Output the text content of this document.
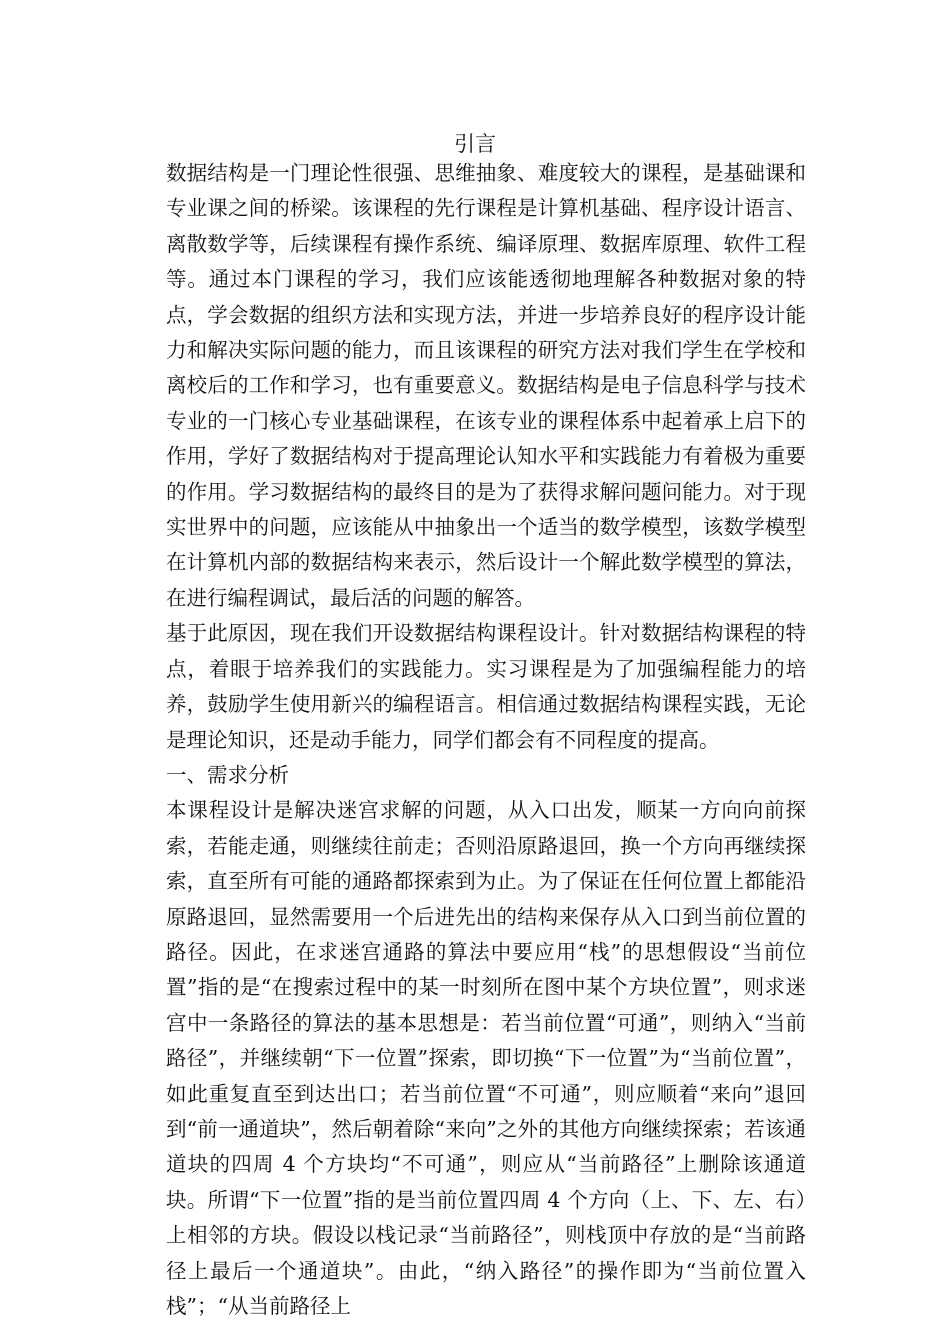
引言

数据结构是一门理论性很强、思维抽象、难度较大的课程，是基础课和专业课之间的桥梁。该课程的先行课程是计算机基础、程序设计语言、离散数学等，后续课程有操作系统、编译原理、数据库原理、软件工程等。通过本门课程的学习，我们应该能透彻地理解各种数据对象的特点，学会数据的组织方法和实现方法，并进一步培养良好的程序设计能力和解决实际问题的能力，而且该课程的研究方法对我们学生在学校和离校后的工作和学习，也有重要意义。数据结构是电子信息科学与技术专业的一门核心专业基础课程，在该专业的课程体系中起着承上启下的作用，学好了数据结构对于提高理论认知水平和实践能力有着极为重要的作用。学习数据结构的最终目的是为了获得求解问题问能力。对于现实世界中的问题，应该能从中抽象出一个适当的数学模型，该数学模型在计算机内部的数据结构来表示，然后设计一个解此数学模型的算法，在进行编程调试，最后活的问题的解答。

基于此原因，现在我们开设数据结构课程设计。针对数据结构课程的特点，着眼于培养我们的实践能力。实习课程是为了加强编程能力的培养，鼓励学生使用新兴的编程语言。相信通过数据结构课程实践，无论是理论知识，还是动手能力，同学们都会有不同程度的提高。

一、需求分析

本课程设计是解决迷宫求解的问题，从入口出发，顺某一方向向前探索，若能走通，则继续往前走；否则沿原路退回，换一个方向再继续探索，直至所有可能的通路都探索到为止。为了保证在任何位置上都能沿原路退回，显然需要用一个后进先出的结构来保存从入口到当前位置的路径。因此，在求迷宫通路的算法中要应用“栈”的思想假设“当前位置”指的是“在搜索过程中的某一时刻所在图中某个方块位置”，则求迷宫中一条路径的算法的基本思想是：若当前位置“可通”，则纳入“当前路径”，并继续朝“下一位置”探索，即切换“下一位置”为“当前位置”，如此重复直至到达出口；若当前位置“不可通”，则应顺着“来向”退回到“前一通道块”，然后朝着除“来向”之外的其他方向继续探索；若该通道块的四周 4 个方块均“不可通”，则应从“当前路径”上删除该通道块。所谓“下一位置”指的是当前位置四周 4 个方向（上、下、左、右）上相邻的方块。假设以栈记录“当前路径”，则栈顶中存放的是“当前路径上最后一个通道块”。由此，“纳入路径”的操作即为“当前位置入栈”；“从当前路径上
